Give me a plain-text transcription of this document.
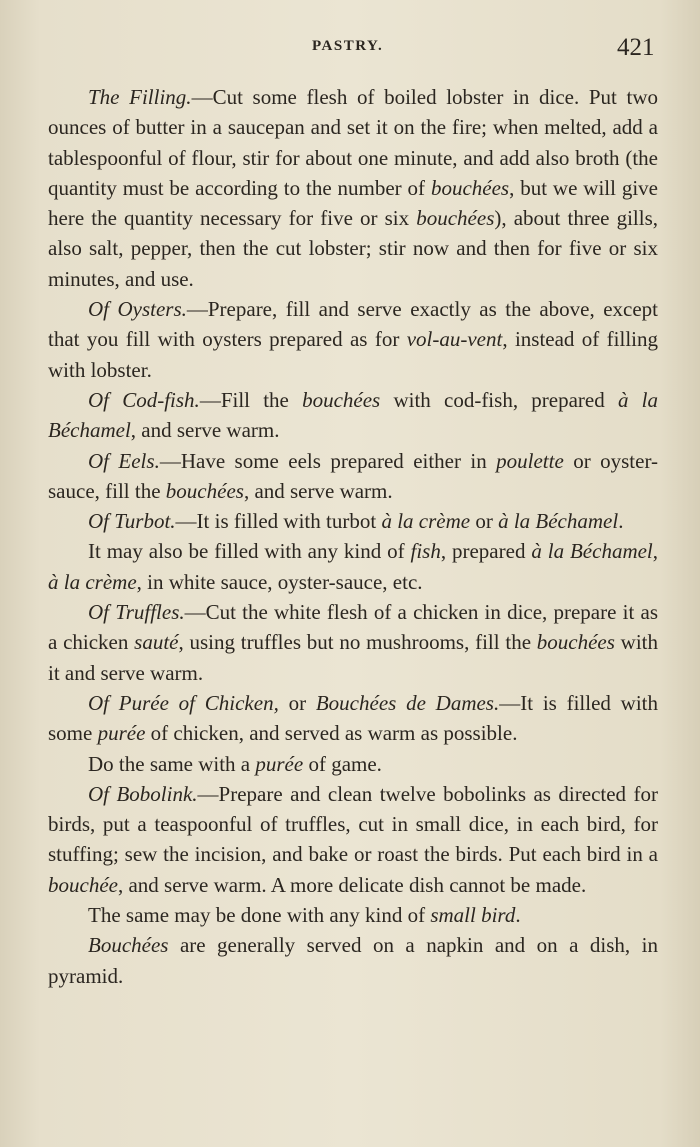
PASTRY.	421

The Filling.—Cut some flesh of boiled lobster in dice. Put two ounces of butter in a saucepan and set it on the fire; when melted, add a tablespoonful of flour, stir for about one minute, and add also broth (the quantity must be according to the number of bouchées, but we will give here the quantity necessary for five or six bouchées), about three gills, also salt, pepper, then the cut lobster; stir now and then for five or six minutes, and use.

Of Oysters.—Prepare, fill and serve exactly as the above, except that you fill with oysters prepared as for vol-au-vent, instead of filling with lobster.

Of Cod-fish.—Fill the bouchées with cod-fish, prepared à la Béchamel, and serve warm.

Of Eels.—Have some eels prepared either in poulette or oyster-sauce, fill the bouchées, and serve warm.

Of Turbot.—It is filled with turbot à la crème or à la Béchamel.

It may also be filled with any kind of fish, prepared à la Béchamel, à la crème, in white sauce, oyster-sauce, etc.

Of Truffles.—Cut the white flesh of a chicken in dice, prepare it as a chicken sauté, using truffles but no mushrooms, fill the bouchées with it and serve warm.

Of Purée of Chicken, or Bouchées de Dames.—It is filled with some purée of chicken, and served as warm as possible.

Do the same with a purée of game.

Of Bobolink.—Prepare and clean twelve bobolinks as directed for birds, put a teaspoonful of truffles, cut in small dice, in each bird, for stuffing; sew the incision, and bake or roast the birds. Put each bird in a bouchée, and serve warm. A more delicate dish cannot be made.

The same may be done with any kind of small bird.

Bouchées are generally served on a napkin and on a dish, in pyramid.
